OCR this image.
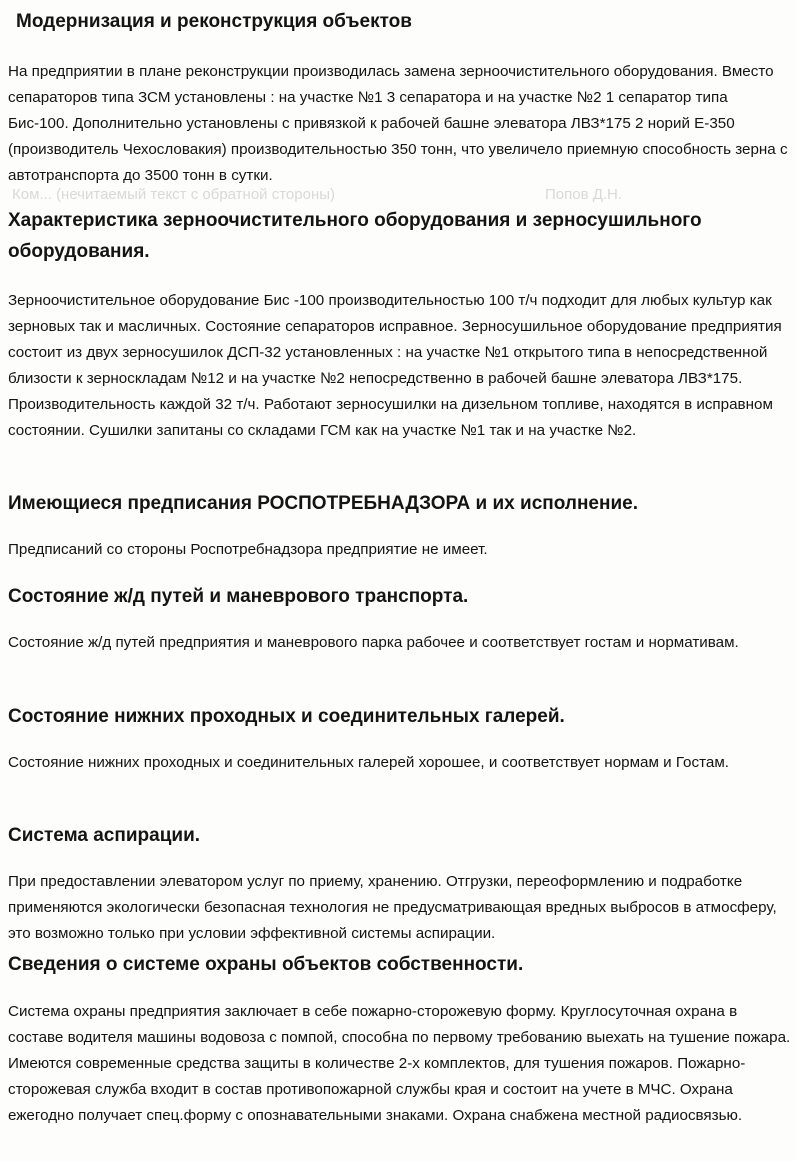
Ком... (нечитаемый текст с обратной стороны)	Попов Д.Н.
Модернизация и реконструкция объектов

На предприятии в плане реконструкции производилась замена зерноочистительного оборудования. Вместо сепараторов типа ЗСМ установлены : на участке №1 3 сепаратора и на участке №2 1 сепаратор типа Бис-100. Дополнительно установлены с привязкой к рабочей башне элеватора ЛВЗ*175 2 норий Е-350 (производитель Чехословакия) производительностью 350 тонн, что увеличело приемную способность зерна с автотранспорта до 3500 тонн в сутки.

Характеристика зерноочистительного оборудования и зерносушильного оборудования.

Зерноочистительное оборудование Бис -100 производительностью 100 т/ч подходит для любых культур как зерновых так и масличных. Состояние сепараторов исправное. Зерносушильное оборудование предприятия состоит из двух зерносушилок ДСП-32 установленных : на участке №1 открытого типа в непосредственной близости к зерноскладам №12 и на участке №2 непосредственно в рабочей башне элеватора ЛВЗ*175. Производительность каждой 32 т/ч. Работают зерносушилки на дизельном топливе, находятся в исправном состоянии. Сушилки запитаны со складами ГСМ как на участке №1 так и на участке №2.

Имеющиеся предписания РОСПОТРЕБНАДЗОРА и их исполнение.

Предписаний со стороны Роспотребнадзора предприятие не имеет.

Состояние ж/д путей и маневрового транспорта.

Состояние ж/д путей предприятия и маневрового парка рабочее и соответствует гостам и нормативам.

Состояние нижних проходных и соединительных галерей.

Состояние нижних проходных и соединительных галерей хорошее, и соответствует нормам и Гостам.

Система аспирации.

При предоставлении элеватором услуг по приему, хранению. Отгрузки, переоформлению и подработке применяются экологически безопасная технология не предусматривающая вредных выбросов в атмосферу, это возможно только при условии эффективной системы аспирации.

Сведения о системе охраны объектов собственности.

Система охраны предприятия заключает в себе пожарно-сторожевую форму. Круглосуточная охрана в составе водителя машины водовоза с помпой, способна по первому требованию выехать на тушение пожара. Имеются современные средства защиты в количестве 2-х комплектов, для тушения пожаров. Пожарно- сторожевая служба входит в состав противопожарной службы края и состоит на учете в МЧС. Охрана ежегодно получает спец.форму с опознавательными знаками. Охрана снабжена местной радиосвязью.
